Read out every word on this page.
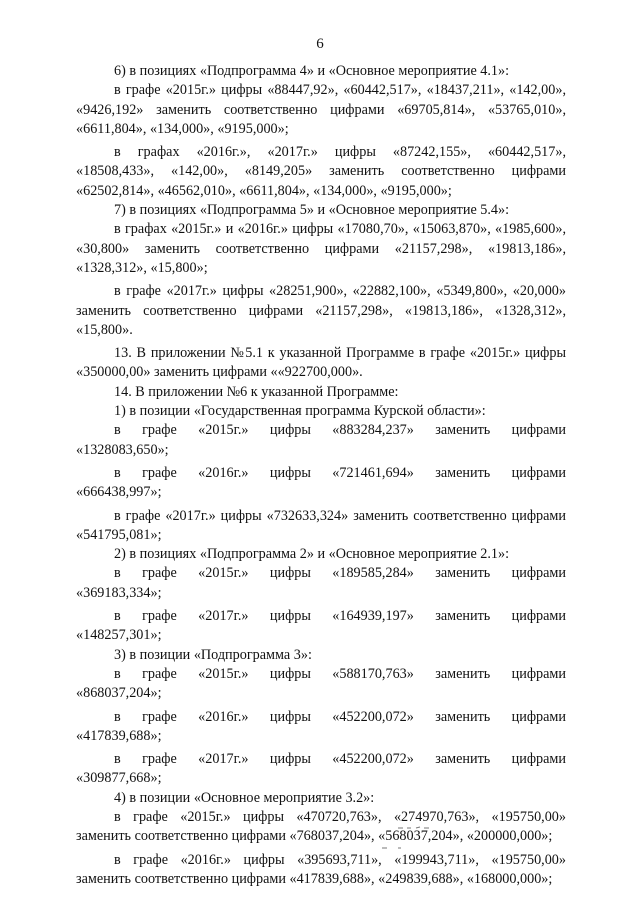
6

6) в позициях «Подпрограмма 4» и «Основное мероприятие 4.1»:

в графе «2015г.» цифры «88447,92», «60442,517», «18437,211», «142,00», «9426,192» заменить соответственно цифрами «69705,814», «53765,010», «6611,804», «134,000», «9195,000»;

в графах «2016г.», «2017г.» цифры «87242,155», «60442,517», «18508,433», «142,00», «8149,205» заменить соответственно цифрами «62502,814», «46562,010», «6611,804», «134,000», «9195,000»;

7) в позициях «Подпрограмма 5» и «Основное мероприятие 5.4»:

в графах «2015г.» и «2016г.» цифры «17080,70», «15063,870», «1985,600», «30,800» заменить соответственно цифрами «21157,298», «19813,186», «1328,312», «15,800»;

в графе «2017г.» цифры «28251,900», «22882,100», «5349,800», «20,000» заменить соответственно цифрами «21157,298», «19813,186», «1328,312», «15,800».

13. В приложении №5.1 к указанной Программе в графе «2015г.» цифры «350000,00» заменить цифрами ««922700,000».

14. В приложении №6 к указанной Программе:

1) в позиции «Государственная программа Курской области»:

в графе «2015г.» цифры «883284,237» заменить цифрами

«1328083,650»;

в графе «2016г.» цифры «721461,694» заменить цифрами

«666438,997»;

в графе «2017г.» цифры «732633,324» заменить соответственно цифрами «541795,081»;

2) в позициях «Подпрограмма 2» и «Основное мероприятие 2.1»:

в графе «2015г.» цифры «189585,284» заменить цифрами

«369183,334»;

в графе «2017г.» цифры «164939,197» заменить цифрами

«148257,301»;

3) в позиции «Подпрограмма 3»:

в графе «2015г.» цифры «588170,763» заменить цифрами

«868037,204»;

в графе «2016г.» цифры «452200,072» заменить цифрами

«417839,688»;

в графе «2017г.» цифры «452200,072» заменить цифрами

«309877,668»;

4) в позиции «Основное мероприятие 3.2»:

в графе «2015г.» цифры «470720,763», «274970,763», «195750,00» заменить соответственно цифрами «768037,204», «568037,204», «200000,000»;

в графе «2016г.» цифры «395693,711», «199943,711», «195750,00» заменить соответственно цифрами «417839,688», «249839,688», «168000,000»;
